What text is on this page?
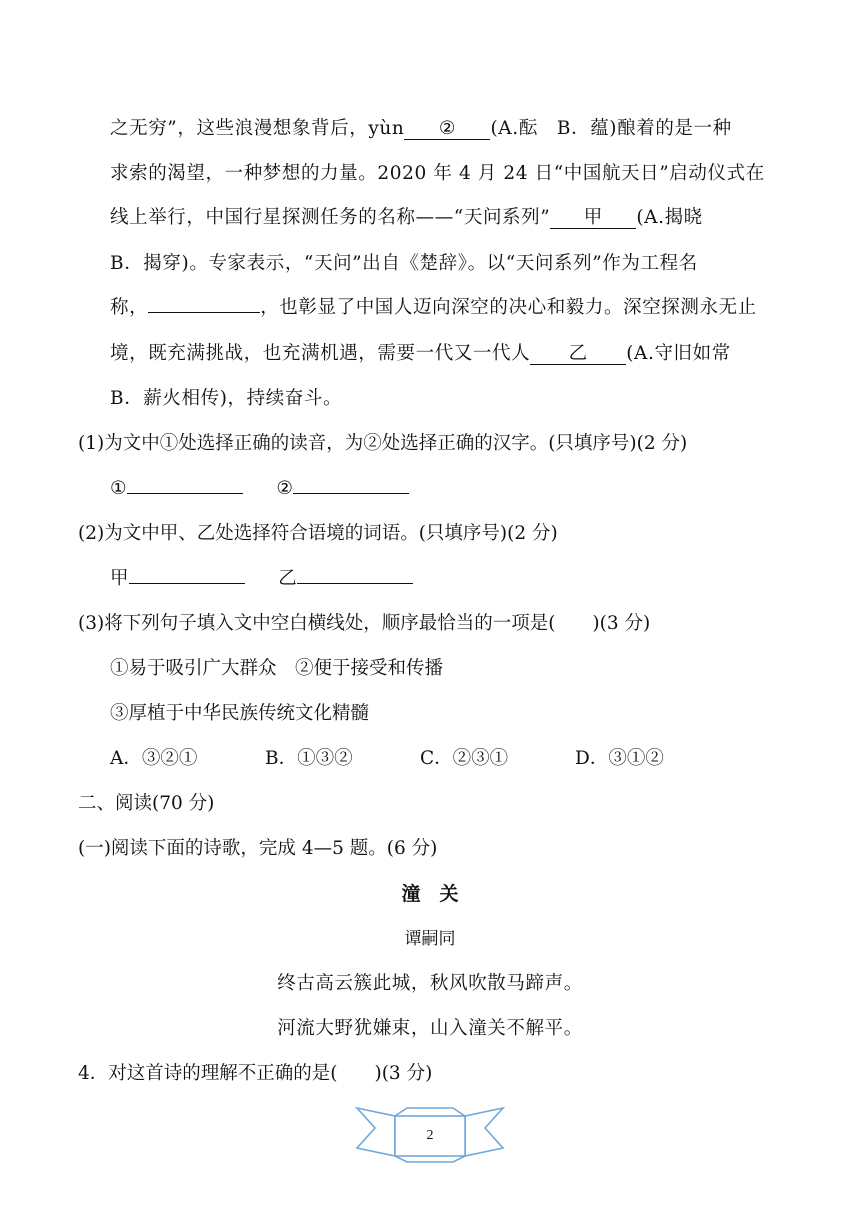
之无穷”，这些浪漫想象背后，yùn ② (A.酝　B．蕴)酿着的是一种
求索的渴望，一种梦想的力量。2020 年 4 月 24 日“中国航天日”启动仪式在
线上举行，中国行星探测任务的名称——“天问系列” 甲 (A.揭晓
B．揭穿)。专家表示，“天问”出自《楚辞》。以“天问系列”作为工程名
称，	，也彰显了中国人迈向深空的决心和毅力。深空探测永无止
境，既充满挑战，也充满机遇，需要一代又一代人 乙 (A.守旧如常
B．薪火相传)，持续奋斗。
(1)为文中①处选择正确的读音，为②处选择正确的汉字。(只填序号)(2 分)
①	②
(2)为文中甲、乙处选择符合语境的词语。(只填序号)(2 分)
甲	乙
(3)将下列句子填入文中空白横线处，顺序最恰当的一项是(　　)(3 分)
①易于吸引广大群众　②便于接受和传播
③厚植于中华民族传统文化精髓
A．③②①	B．①③②	C．②③①	D．③①②
二、阅读(70 分)
(一)阅读下面的诗歌，完成 4—5 题。(6 分)
潼　关
谭嗣同
终古高云簇此城，秋风吹散马蹄声。
河流大野犹嫌束，山入潼关不解平。
4．对这首诗的理解不正确的是(　　)(3 分)
2
